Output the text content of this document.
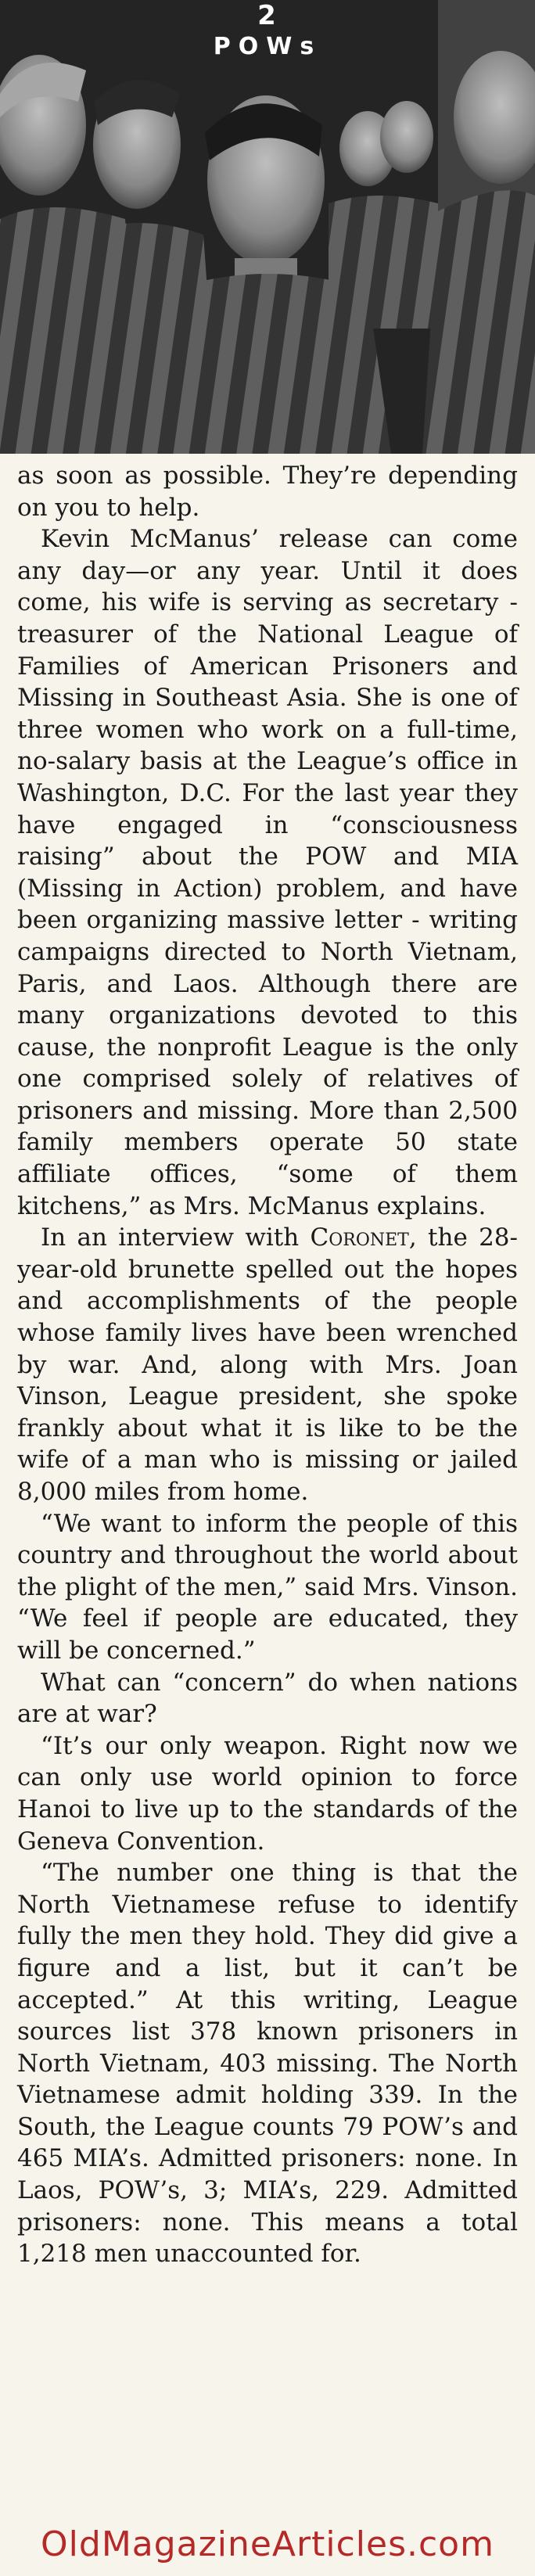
2
POWs

as soon as possible. They’re depending on you to help.

Kevin McManus’ release can come any day—or any year. Until it does come, his wife is serving as secretary - treasurer of the National League of Families of American Prisoners and Missing in Southeast Asia. She is one of three women who work on a full-time, no-salary basis at the League’s office in Washington, D.C. For the last year they have engaged in “consciousness raising” about the POW and MIA (Missing in Action) problem, and have been organizing massive letter - writing campaigns directed to North Vietnam, Paris, and Laos. Although there are many organizations devoted to this cause, the nonprofit League is the only one comprised solely of relatives of prisoners and missing. More than 2,500 family members operate 50 state affiliate offices, “some of them kitchens,” as Mrs. McManus explains.

In an interview with Coronet, the 28-year-old brunette spelled out the hopes and accomplishments of the people whose family lives have been wrenched by war. And, along with Mrs. Joan Vinson, League president, she spoke frankly about what it is like to be the wife of a man who is missing or jailed 8,000 miles from home.

“We want to inform the people of this country and throughout the world about the plight of the men,” said Mrs. Vinson. “We feel if people are educated, they will be concerned.”

What can “concern” do when nations are at war?

“It’s our only weapon. Right now we can only use world opinion to force Hanoi to live up to the standards of the Geneva Convention.

“The number one thing is that the North Vietnamese refuse to identify fully the men they hold. They did give a figure and a list, but it can’t be accepted.” At this writing, League sources list 378 known prisoners in North Vietnam, 403 missing. The North Vietnamese admit holding 339. In the South, the League counts 79 POW’s and 465 MIA’s. Admitted prisoners: none. In Laos, POW’s, 3; MIA’s, 229. Admitted prisoners: none. This means a total 1,218 men unaccounted for.

OldMagazineArticles.com
